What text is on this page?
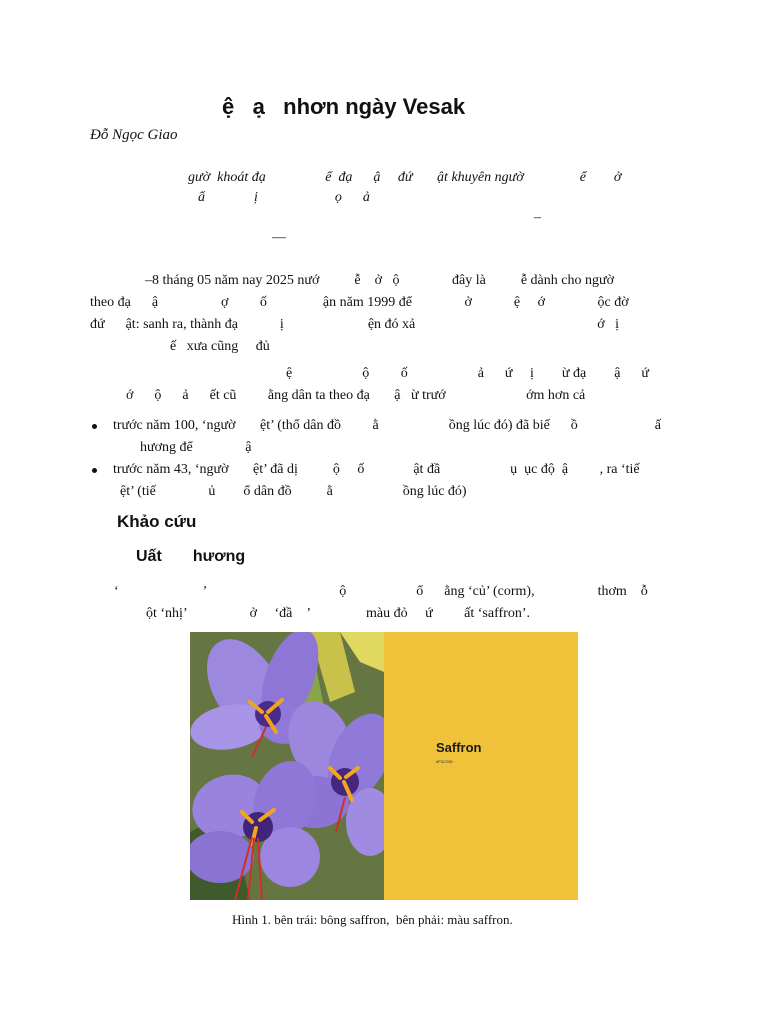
ệ   ạ   nhơn ngày Vesak
Đỗ Ngọc Giao
gườ  khoát đạ                 ể  đạ      ậ     đứ       ật khuyên ngườ                ể        ở
ẩ              ị                      ọ      ả
–
—
–8 tháng 05 năm nay 2025 nướ          ễ    ở   ộ               đây là          ễ dành cho ngườ
theo đạ      ậ                  ợ         ố                ận năm 1999 để               ở            ệ     ớ               ộc đờ
đứ      ật: sanh ra, thành đạ            ị                        ện đó xả                                                    ớ   ị
ế   xưa cũng     đủ
ệ                    ộ         ố                    ả      ứ     ị        ừ đạ        ậ      ứ
ớ      ộ      ả      ết cũ         ằng dân ta theo đạ       ậ   ừ trướ                       ớm hơn cả
trước năm 100, ‘ngườ       ệt’ (thổ dân đồ         ằ                    ồng lúc đó) đã biế      ồ                      ấ
hương để               ậ
trước năm 43, ‘ngườ       ệt’ đã dị          ộ     ố              ật đầ                    ụ  ục độ  ậ         , ra ‘tiế
ệt’ (tiế               ủ        ổ dân đồ          ằ                    ồng lúc đó)
Khảo cứu
Uất       hương
‘                        ’                                      ộ                    ổ      ằng ‘củ’ (corm),                  thơm    ỗ
ột ‘nhị’                  ở     ‘đầ    ’                màu đỏ     ứ         ất ‘saffron’.
Saffron
#F5C238
Hình 1. bên trái: bông saffron,  bên phải: màu saffron.
